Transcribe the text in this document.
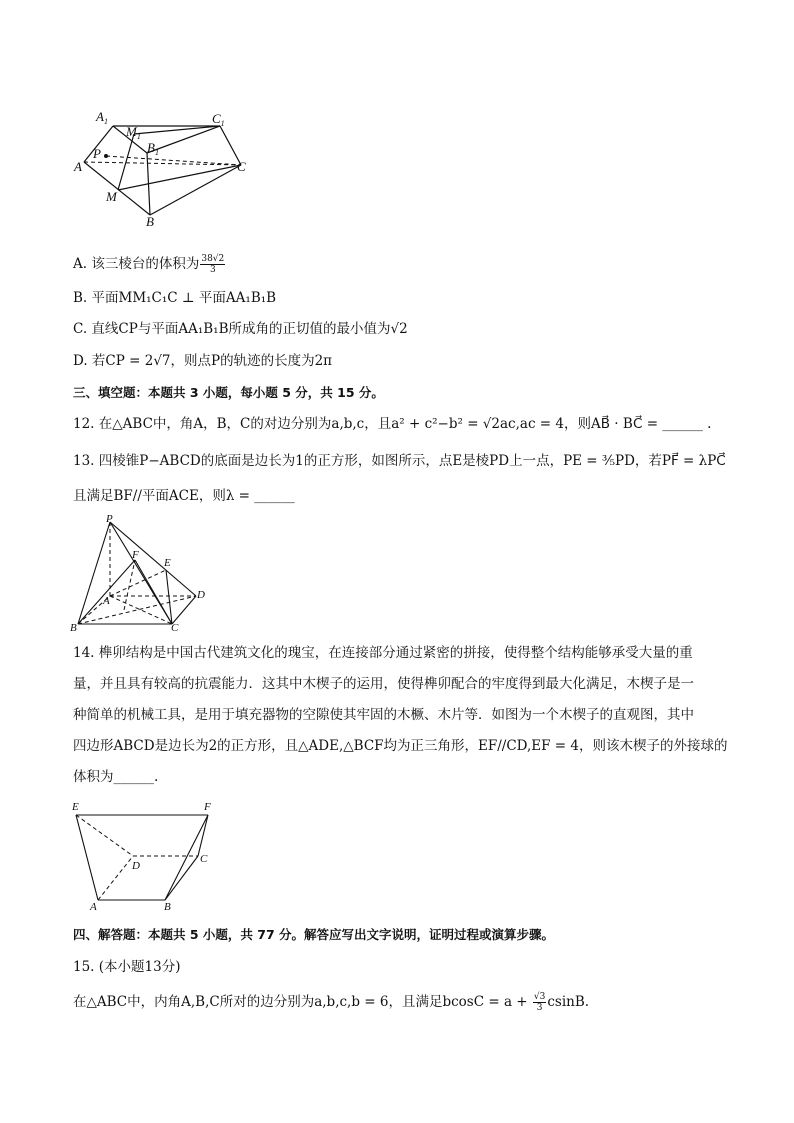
$A_1$	$C_1$
$M_1$
$B_1$
P
A	C
M
B
A. 该三棱台的体积为 $\frac{38√2}{3}$
B. 平面MM₁C₁C ⊥ 平面AA₁B₁B
C. 直线CP与平面AA₁B₁B所成角的正切值的最小值为√2
D. 若CP = 2√7，则点P的轨迹的长度为2π
三、填空题：本题共 3 小题，每小题 5 分，共 15 分。
12. 在△ABC中，角A，B，C的对边分别为a,b,c，且a² + c²−b² = √2ac,ac = 4，则AB⃗ · BC⃗ = ______ .
13. 四棱锥P−ABCD的底面是边长为1的正方形，如图所示，点E是棱PD上一点，PE = ³⁄₅PD，若PF⃗ = λPC⃗
且满足BF//平面ACE，则λ = ______
P
F
E
A	D
B	C
14. 榫卯结构是中国古代建筑文化的瑰宝，在连接部分通过紧密的拼接，使得整个结构能够承受大量的重
量，并且具有较高的抗震能力．这其中木楔子的运用，使得榫卯配合的牢度得到最大化满足，木楔子是一
种简单的机械工具，是用于填充器物的空隙使其牢固的木橛、木片等．如图为一个木楔子的直观图，其中
四边形ABCD是边长为2的正方形，且△ADE,△BCF均为正三角形，EF//CD,EF = 4，则该木楔子的外接球的
体积为______.
E	F
D
C
A	B
四、解答题：本题共 5 小题，共 77 分。解答应写出文字说明，证明过程或演算步骤。
15. (本小题13分)
在△ABC中，内角A,B,C所对的边分别为a,b,c,b = 6，且满足$bcosC = a + \frac{√3}{3} csinB$.
